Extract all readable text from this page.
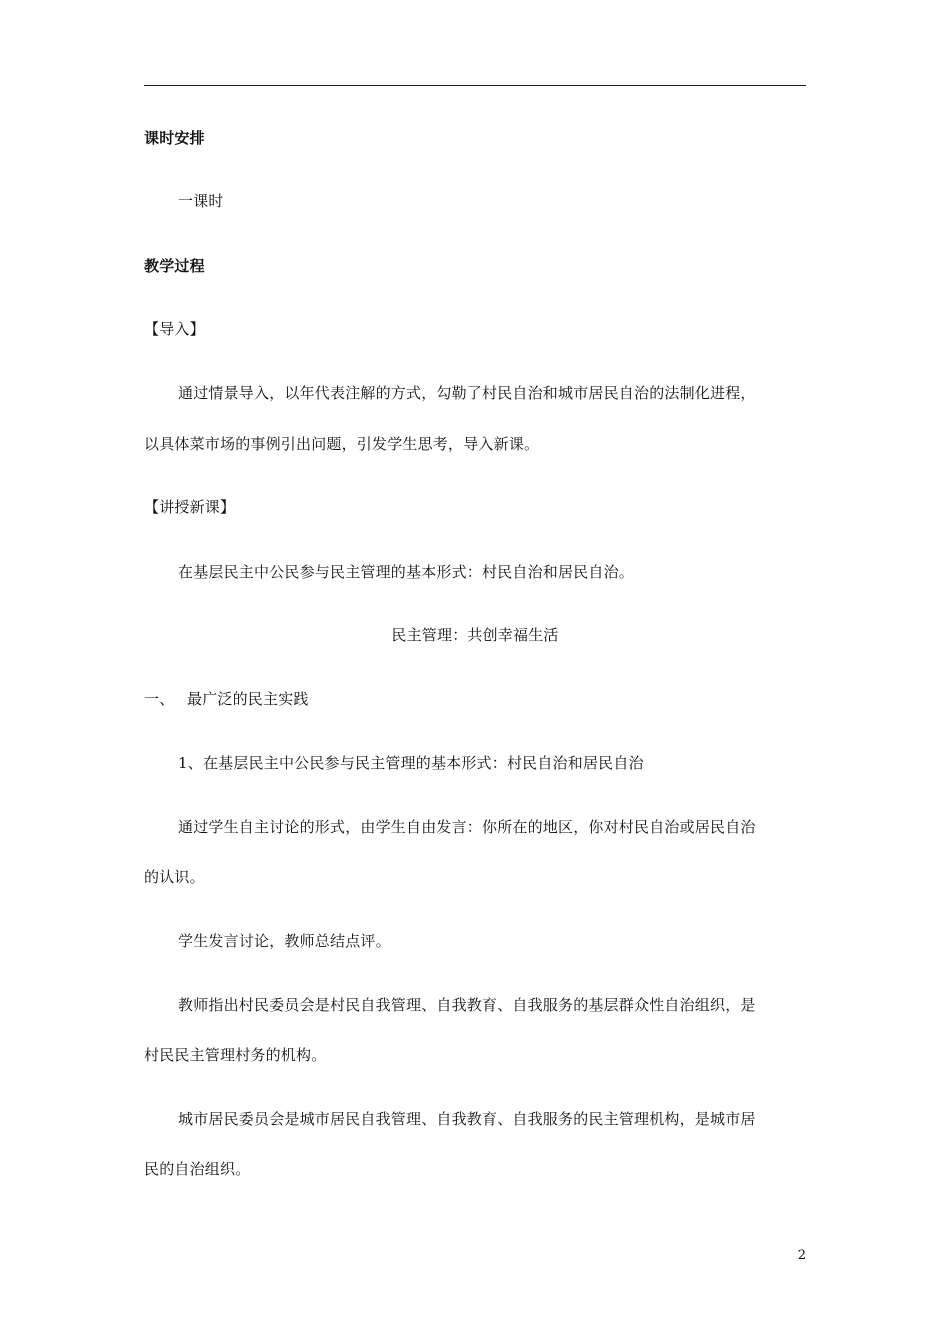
课时安排
一课时
教学过程
【导入】
通过情景导入，以年代表注解的方式，勾勒了村民自治和城市居民自治的法制化进程，
以具体菜市场的事例引出问题，引发学生思考，导入新课。
【讲授新课】
在基层民主中公民参与民主管理的基本形式：村民自治和居民自治。
民主管理：共创幸福生活
一、 最广泛的民主实践
1、在基层民主中公民参与民主管理的基本形式：村民自治和居民自治
通过学生自主讨论的形式，由学生自由发言：你所在的地区，你对村民自治或居民自治
的认识。
学生发言讨论，教师总结点评。
教师指出村民委员会是村民自我管理、自我教育、自我服务的基层群众性自治组织，是
村民民主管理村务的机构。
城市居民委员会是城市居民自我管理、自我教育、自我服务的民主管理机构，是城市居
民的自治组织。
2
